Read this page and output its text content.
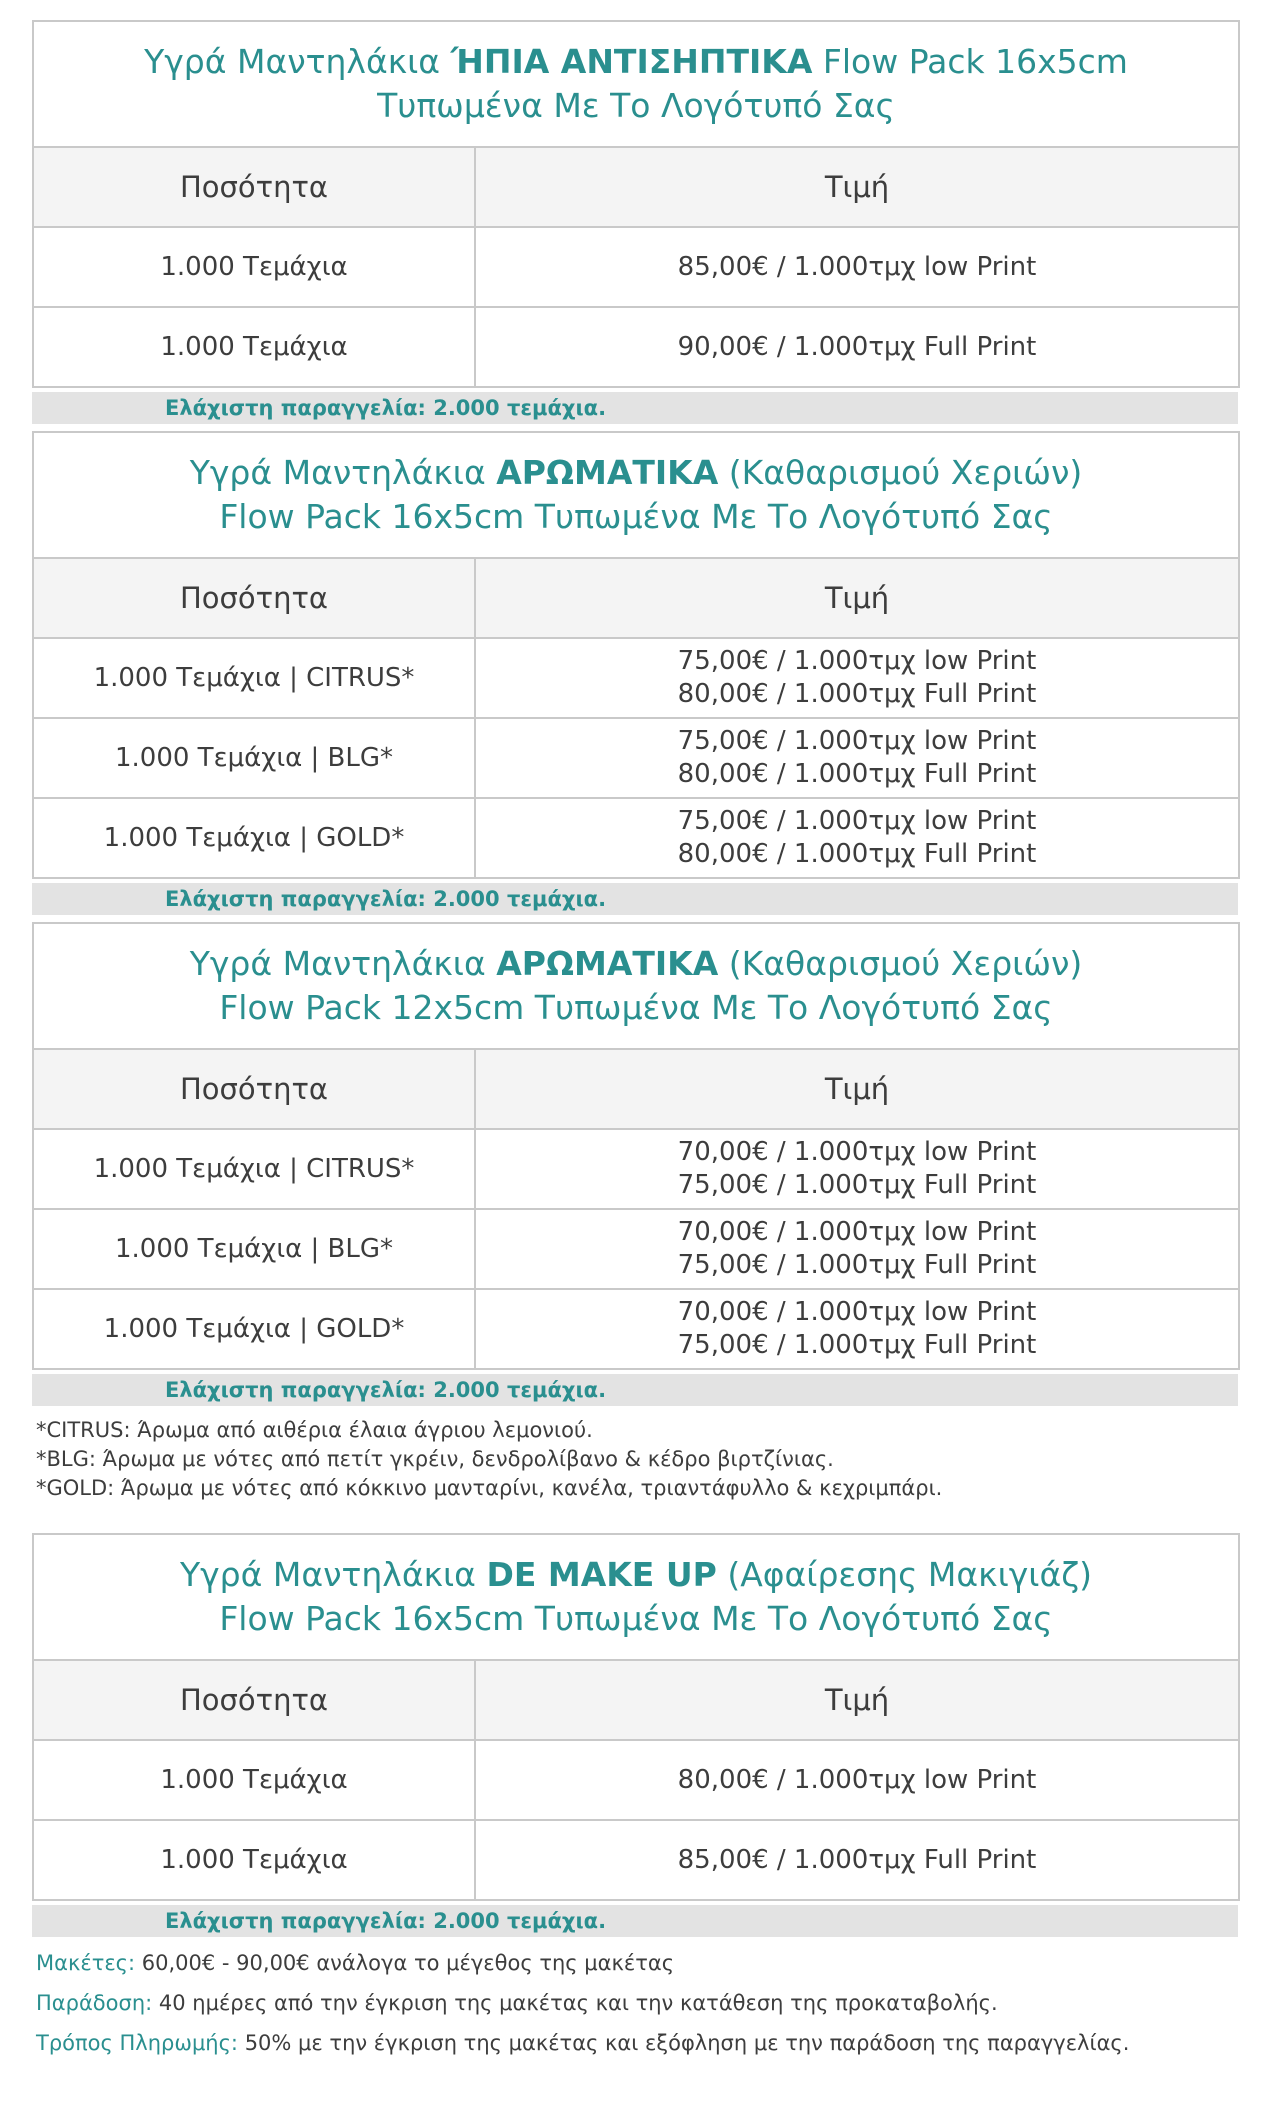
Υγρά Μαντηλάκια ΉΠΙΑ ΑΝΤΙΣΗΠΤΙΚΑ Flow Pack 16x5cm
Τυπωμένα Με Το Λογότυπό Σας	
Ποσότητα	Τιμή
1.000 Τεμάχια	85,00€ / 1.000τμχ low Print
1.000 Τεμάχια	90,00€ / 1.000τμχ Full Print
Ελάχιστη παραγγελία: 2.000 τεμάχια.
Υγρά Μαντηλάκια ΑΡΩΜΑΤΙΚΑ (Καθαρισμού Χεριών)
Flow Pack 16x5cm Τυπωμένα Με Το Λογότυπό Σας	
Ποσότητα	Τιμή
1.000 Τεμάχια | CITRUS*	75,00€ / 1.000τμχ low Print
80,00€ / 1.000τμχ Full Print
1.000 Τεμάχια | BLG*	75,00€ / 1.000τμχ low Print
80,00€ / 1.000τμχ Full Print
1.000 Τεμάχια | GOLD*	75,00€ / 1.000τμχ low Print
80,00€ / 1.000τμχ Full Print
Ελάχιστη παραγγελία: 2.000 τεμάχια.
Υγρά Μαντηλάκια ΑΡΩΜΑΤΙΚΑ (Καθαρισμού Χεριών)
Flow Pack 12x5cm Τυπωμένα Με Το Λογότυπό Σας	
Ποσότητα	Τιμή
1.000 Τεμάχια | CITRUS*	70,00€ / 1.000τμχ low Print
75,00€ / 1.000τμχ Full Print
1.000 Τεμάχια | BLG*	70,00€ / 1.000τμχ low Print
75,00€ / 1.000τμχ Full Print
1.000 Τεμάχια | GOLD*	70,00€ / 1.000τμχ low Print
75,00€ / 1.000τμχ Full Print
Ελάχιστη παραγγελία: 2.000 τεμάχια.
*CITRUS: Άρωμα από αιθέρια έλαια άγριου λεμονιού.
*BLG: Άρωμα με νότες από πετίτ γκρέιν, δενδρολίβανο & κέδρο βιρτζίνιας.
*GOLD: Άρωμα με νότες από κόκκινο μανταρίνι, κανέλα, τριαντάφυλλο & κεχριμπάρι.
Υγρά Μαντηλάκια DE MAKE UP (Αφαίρεσης Μακιγιάζ)
Flow Pack 16x5cm Τυπωμένα Με Το Λογότυπό Σας	
Ποσότητα	Τιμή
1.000 Τεμάχια	80,00€ / 1.000τμχ low Print
1.000 Τεμάχια	85,00€ / 1.000τμχ Full Print
Ελάχιστη παραγγελία: 2.000 τεμάχια.
Μακέτες: 60,00€ - 90,00€ ανάλογα το μέγεθος της μακέτας
Παράδοση: 40 ημέρες από την έγκριση της μακέτας και την κατάθεση της προκαταβολής.
Τρόπος Πληρωμής: 50% με την έγκριση της μακέτας και εξόφληση με την παράδοση της παραγγελίας.
